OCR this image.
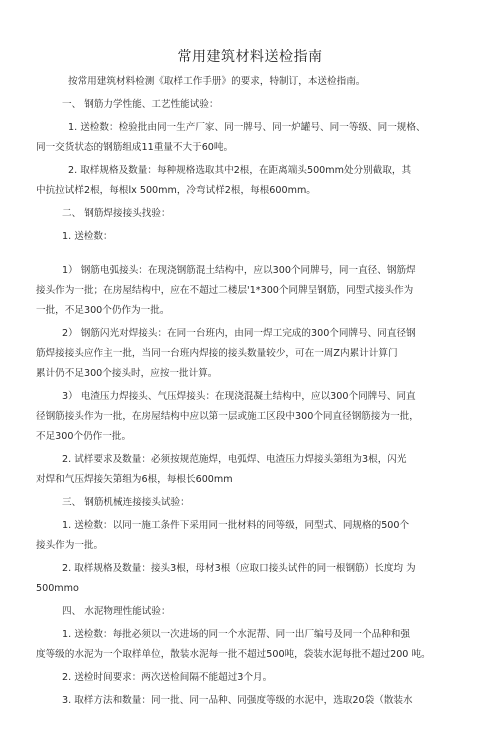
常用建筑材料送检指南
按常用建筑材料检测《取样工作手册》的要求，特制订，本送检指南。
一、 钢筋力学性能、工艺性能试验：
1. 送检数：检验批由同一生产厂家、同一牌号、同一炉罐号、同一等级、同一规格、
同一交货状态的钢筋组成11重量不大于60吨。
2. 取样规格及数量：每种规格选取其中2根，在距离端头500mm处分别截取，其
中抗拉试样2根，每根lx 500mm，冷弯试样2根，每根600mm。
二、 钢筋焊接接头找验：
1. 送检数：
1） 钢筋电弧接头：在现浇钢筋混土结构中，应以300个同牌号，同一直径、钢筋焊
接头作为一批；在房屋结构中，应在不超过二楼层'1*300个同牌呈钢筋，同型式接头作为
一批，不足300个仍作为一批。
2） 钢筋闪光对焊接头：在同一台班内，由同一焊工完成的300个同牌号、同直径钢
筋焊接接头应作主一批，当同一台班内焊接的接头数量较少，可在一周Z内累计计算门
累计仍不足300个接头时，应按一批计算。
3） 电渣压力焊接头、气压焊接头：在现浇混凝土结构中，应以300个同牌号、同直
径钢筋接头作为一批，在房屋结构中应以第一层或施工区段中300个同直径钢筋接为一批，
不足300个仍作一批。
2. 试样要求及数量：必须按规范施焊，电弧焊、电渣压力焊接头第组为3根，闪光
对焊和气压焊接矢第组为6根，每根长600mm
三、 钢筋机械连接接头试验：
1. 送检数：以同一施工条件下采用同一批材料的同等级，同型式、同规格的500个
接头作为一批。
2. 取样规格及数量：接头3根，母材3根（应取口接头试件的同一根钢筋）长度均 为
500mmo
四、 水泥物理性能试验：
1. 送检数：每批必须以一次进场的同一个水泥帮、同一出厂编号及同一个品种和强
度等级的水泥为一个取样单位，散装水泥每一批不超过500吨，袋装水泥每批不超过200 吨。
2. 送检时间要求：两次送检间隔不能超过3个月。
3. 取样方法和数量：同一批、同一品种、同强度等级的水泥中，选取20袋（散装水
